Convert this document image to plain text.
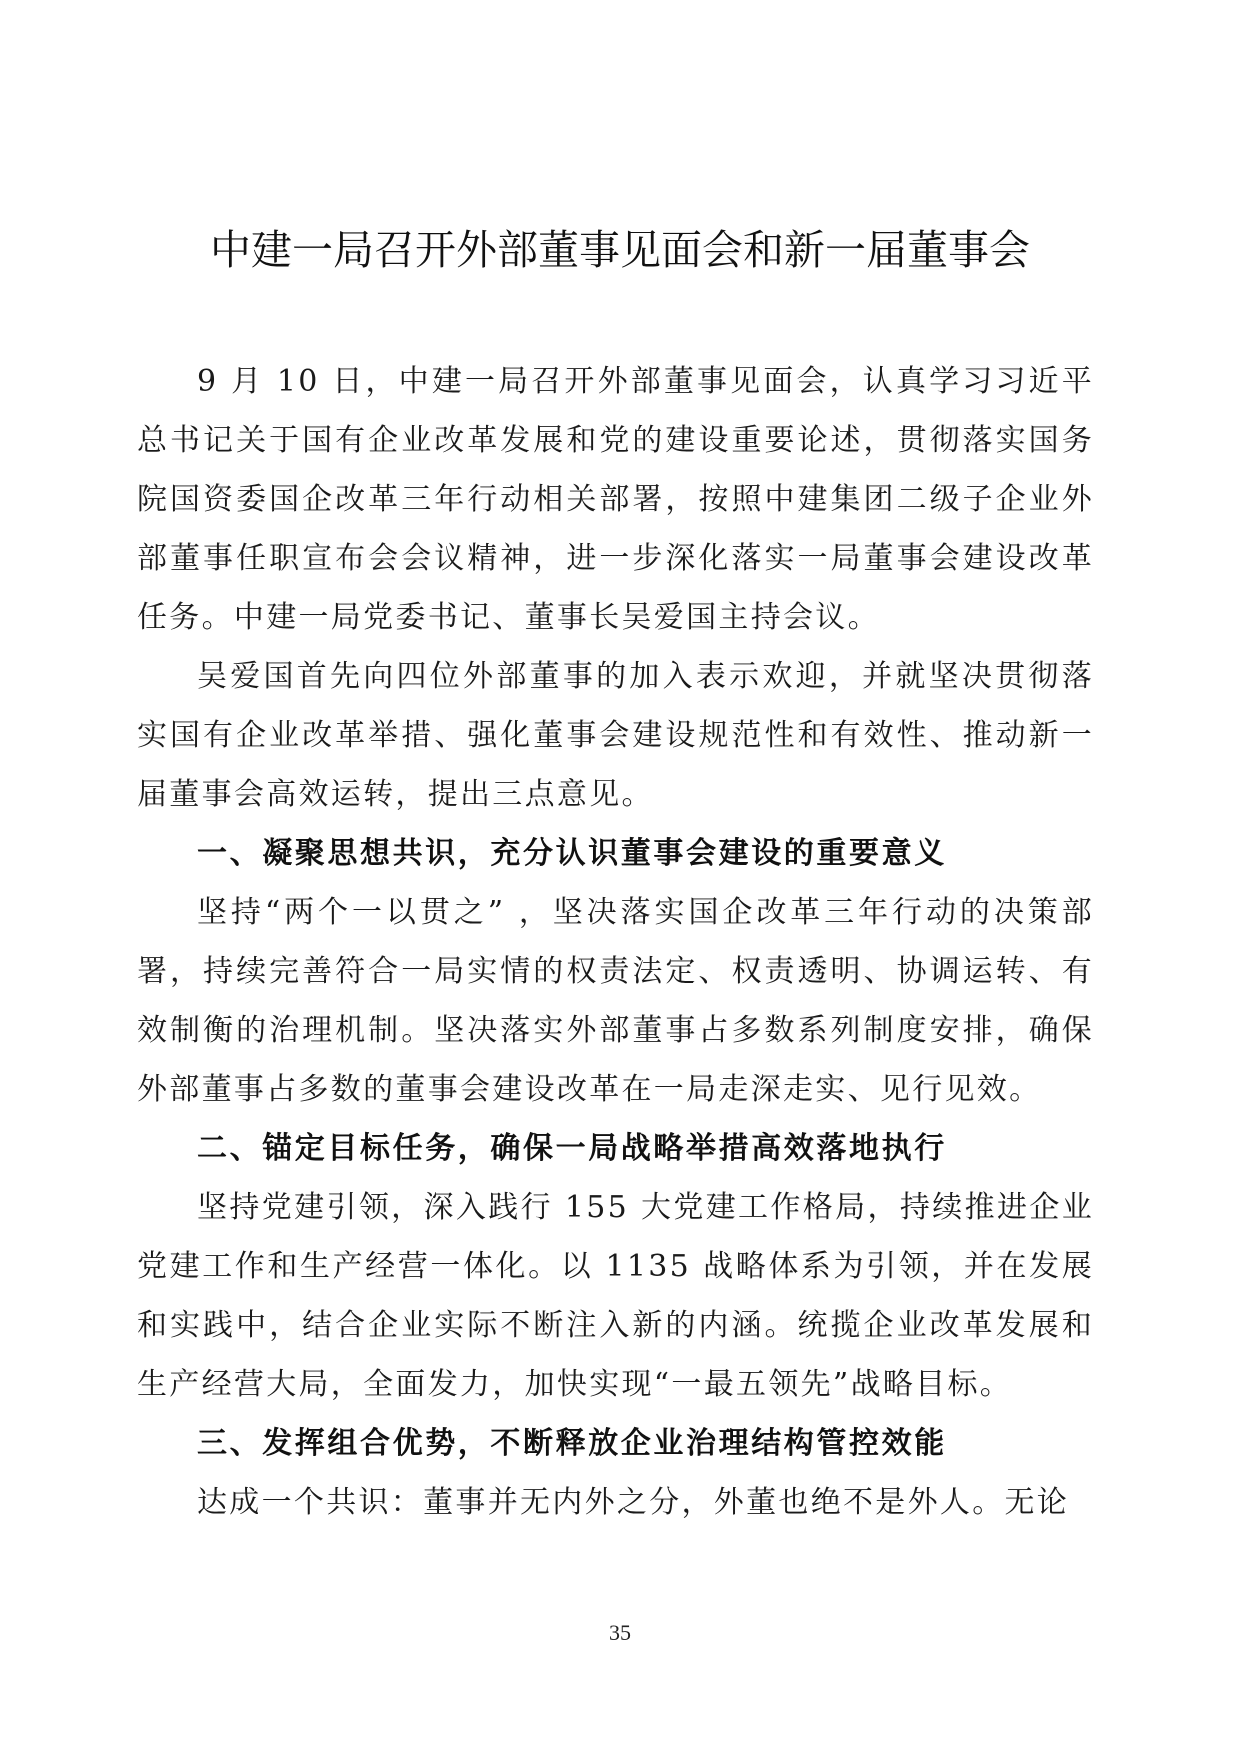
中建一局召开外部董事见面会和新一届董事会

9 月 10 日，中建一局召开外部董事见面会，认真学习习近平总书记关于国有企业改革发展和党的建设重要论述，贯彻落实国务院国资委国企改革三年行动相关部署，按照中建集团二级子企业外部董事任职宣布会会议精神，进一步深化落实一局董事会建设改革任务。中建一局党委书记、董事长吴爱国主持会议。

吴爱国首先向四位外部董事的加入表示欢迎，并就坚决贯彻落实国有企业改革举措、强化董事会建设规范性和有效性、推动新一届董事会高效运转，提出三点意见。

一、凝聚思想共识，充分认识董事会建设的重要意义

坚持“两个一以贯之” ，坚决落实国企改革三年行动的决策部署，持续完善符合一局实情的权责法定、权责透明、协调运转、有效制衡的治理机制。坚决落实外部董事占多数系列制度安排，确保外部董事占多数的董事会建设改革在一局走深走实、见行见效。

二、锚定目标任务，确保一局战略举措高效落地执行

坚持党建引领，深入践行 155 大党建工作格局，持续推进企业党建工作和生产经营一体化。以 1135 战略体系为引领，并在发展和实践中，结合企业实际不断注入新的内涵。统揽企业改革发展和生产经营大局，全面发力，加快实现“一最五领先”战略目标。

三、发挥组合优势，不断释放企业治理结构管控效能

达成一个共识：董事并无内外之分，外董也绝不是外人。无论

35
